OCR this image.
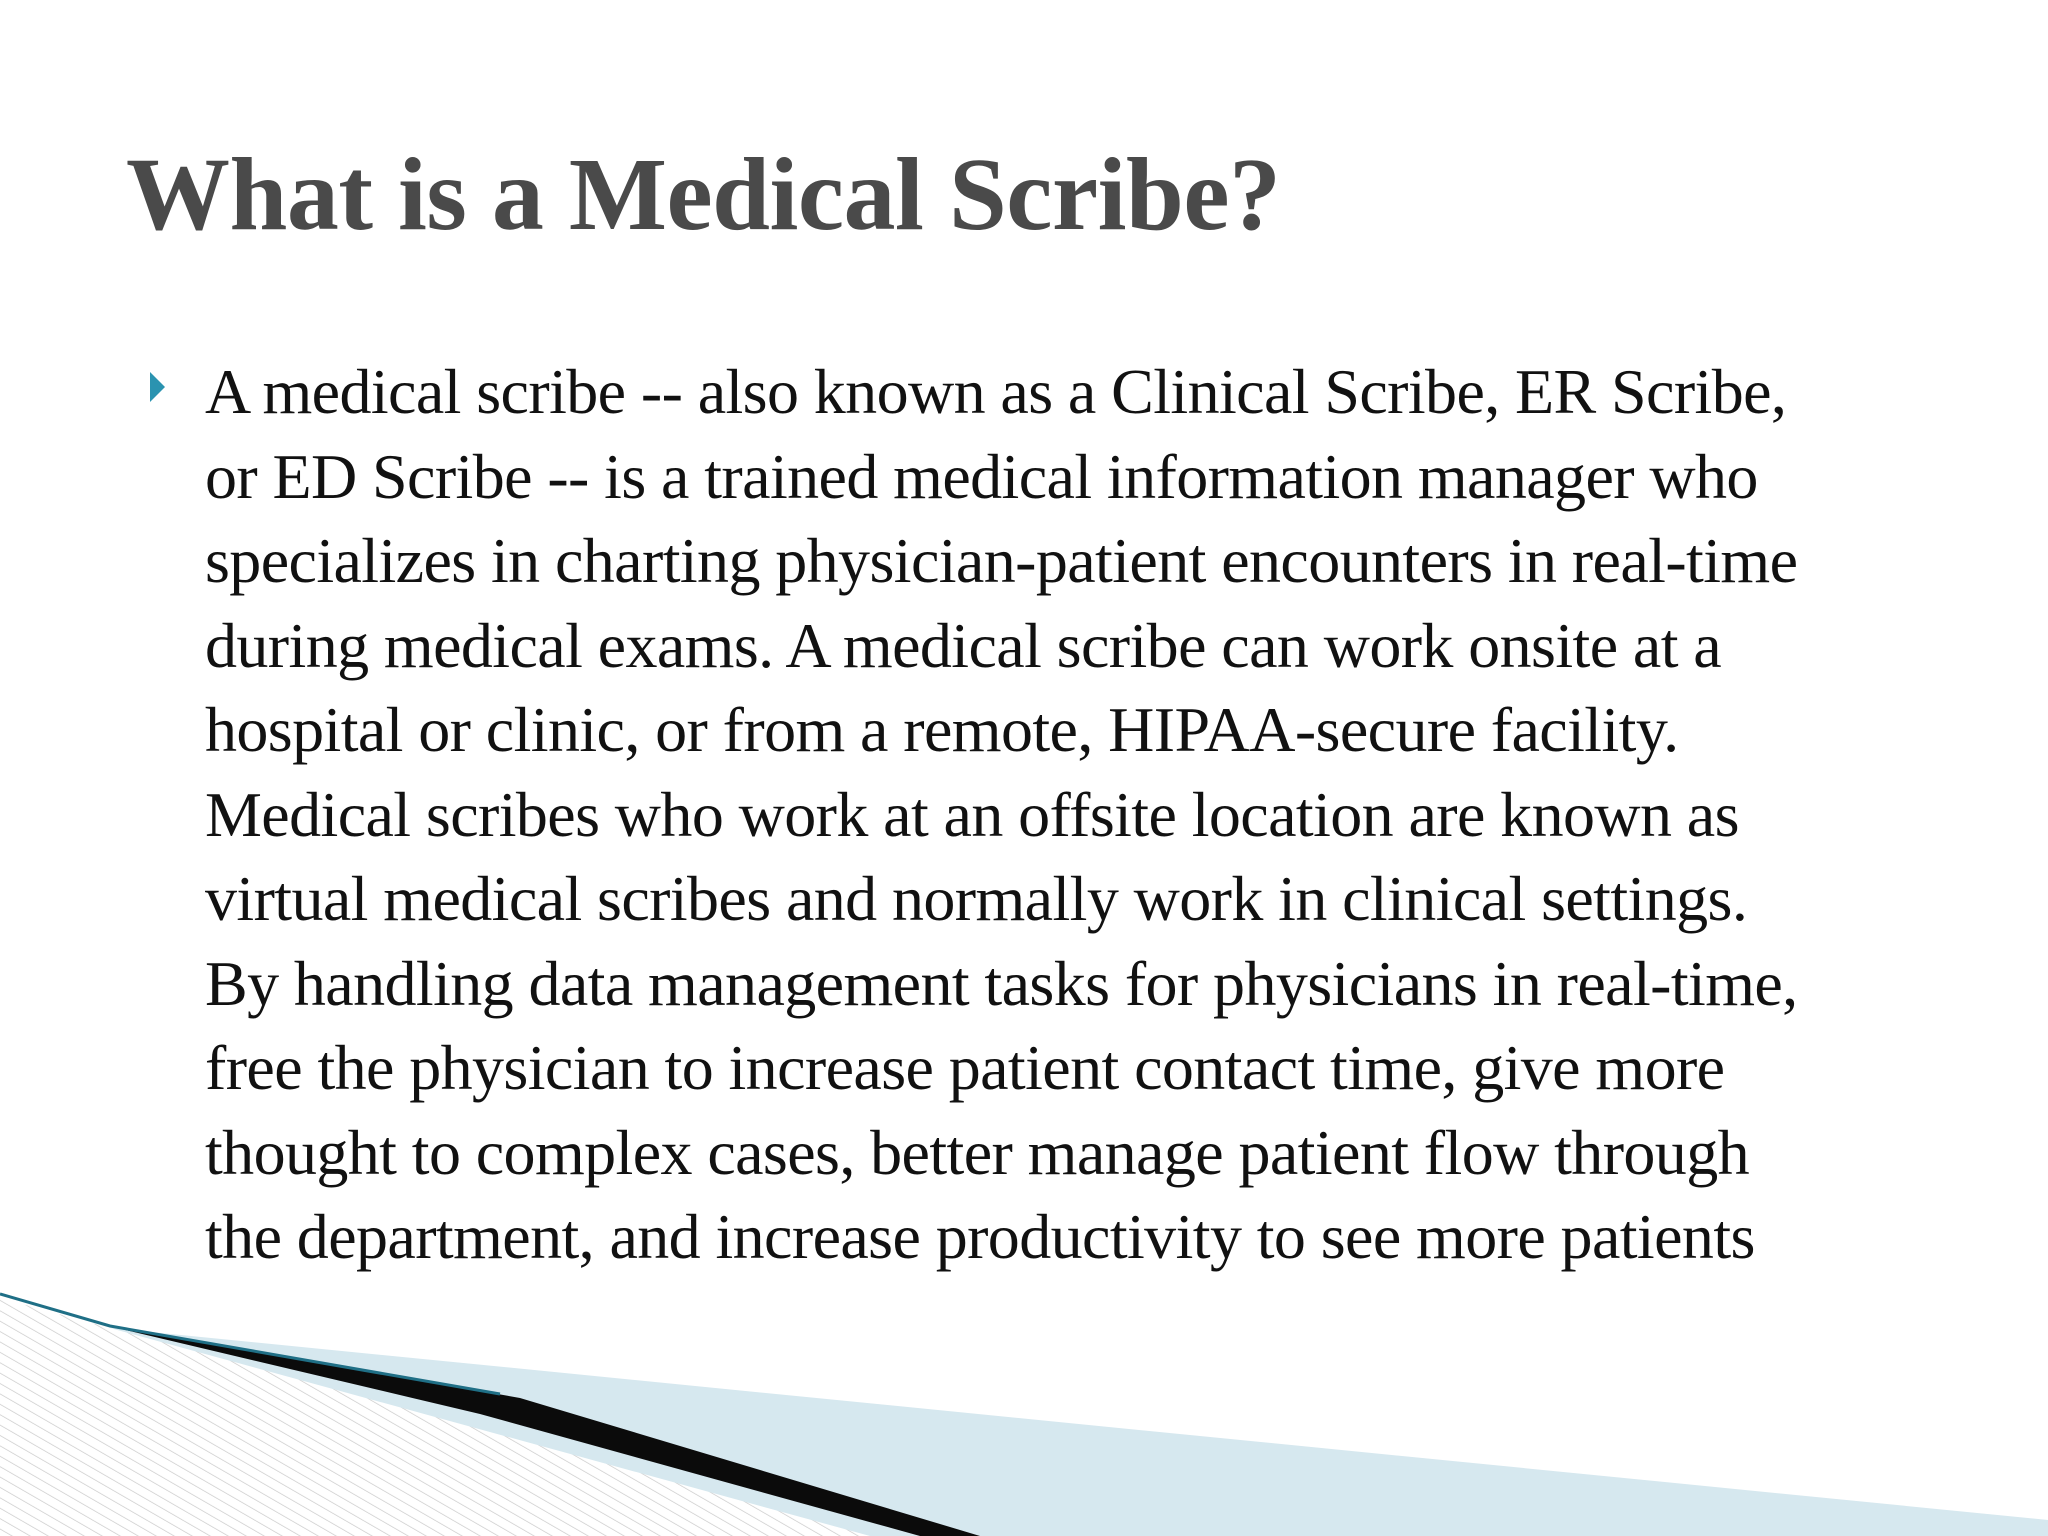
What is a Medical Scribe?
A medical scribe -- also known as a Clinical Scribe, ER Scribe,
or ED Scribe -- is a trained medical information manager who
specializes in charting physician-patient encounters in real-time
during medical exams. A medical scribe can work onsite at a
hospital or clinic, or from a remote, HIPAA-secure facility.
Medical scribes who work at an offsite location are known as
virtual medical scribes and normally work in clinical settings.
By handling data management tasks for physicians in real-time,
free the physician to increase patient contact time, give more
thought to complex cases, better manage patient flow through
the department, and increase productivity to see more patients
